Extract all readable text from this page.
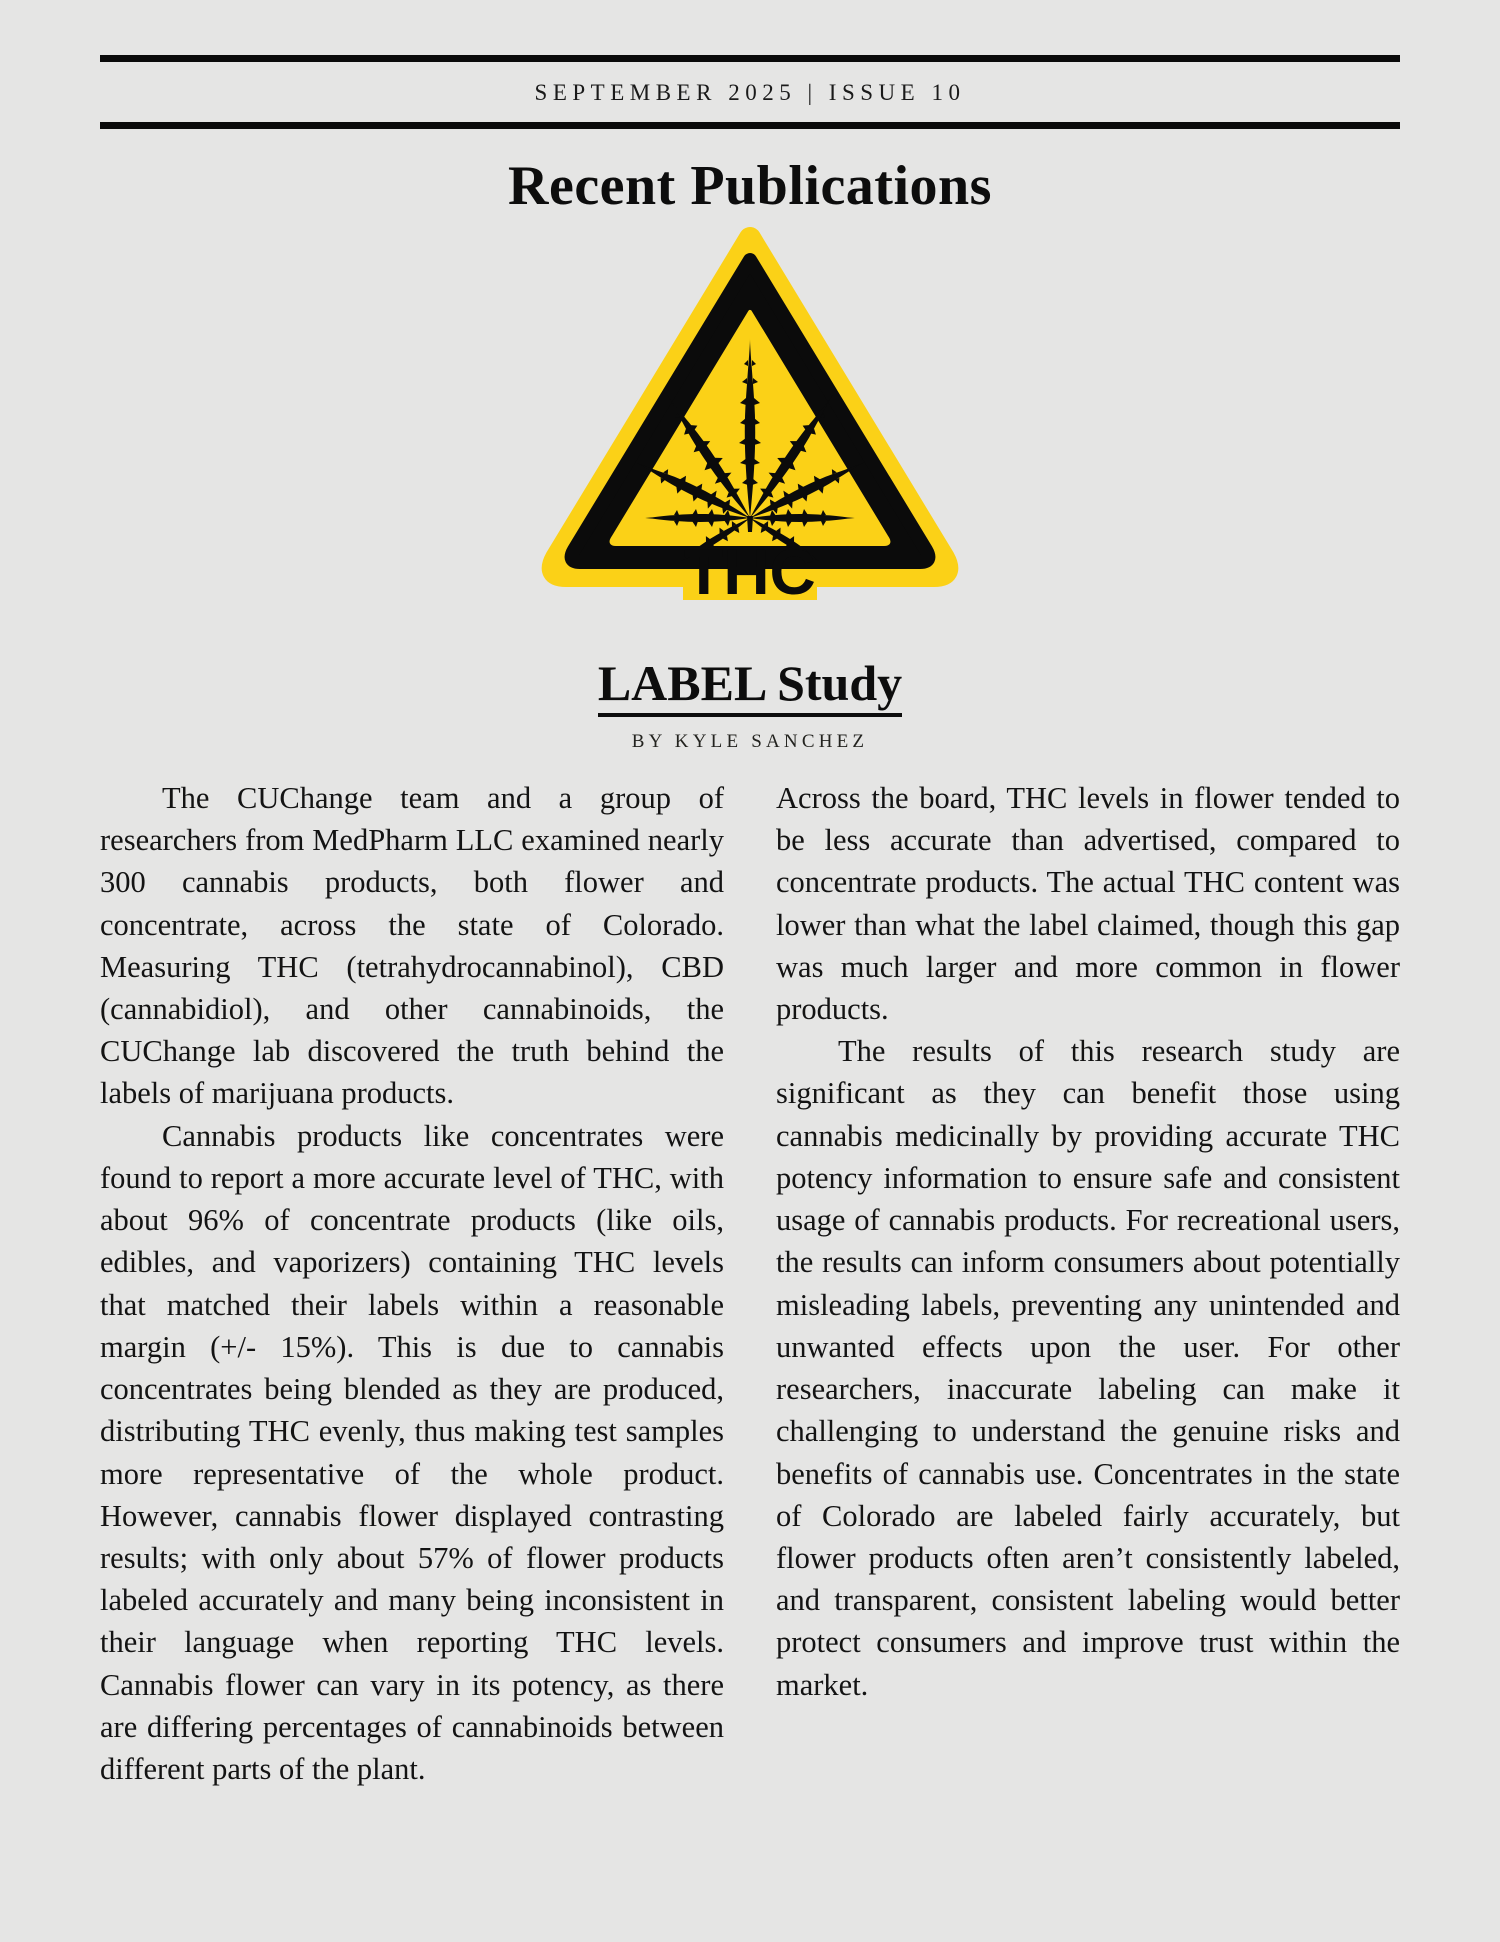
SEPTEMBER 2025 | ISSUE 10
Recent Publications
THC
LABEL Study
BY KYLE SANCHEZ

The CUChange team and a group of researchers from MedPharm LLC examined nearly 300 cannabis products, both flower and concentrate, across the state of Colorado. Measuring THC (tetrahydrocannabinol), CBD (cannabidiol), and other cannabinoids, the CUChange lab discovered the truth behind the labels of marijuana products.

Cannabis products like concentrates were found to report a more accurate level of THC, with about 96% of concentrate products (like oils, edibles, and vaporizers) containing THC levels that matched their labels within a reasonable margin (+/- 15%). This is due to cannabis concentrates being blended as they are produced, distributing THC evenly, thus making test samples more representative of the whole product. However, cannabis flower displayed contrasting results; with only about 57% of flower products labeled accurately and many being inconsistent in their language when reporting THC levels. Cannabis flower can vary in its potency, as there are differing percentages of cannabinoids between different parts of the plant.

Across the board, THC levels in flower tended to be less accurate than advertised, compared to concentrate products. The actual THC content was lower than what the label claimed, though this gap was much larger and more common in flower products.

The results of this research study are significant as they can benefit those using cannabis medicinally by providing accurate THC potency information to ensure safe and consistent usage of cannabis products. For recreational users, the results can inform consumers about potentially misleading labels, preventing any unintended and unwanted effects upon the user. For other researchers, inaccurate labeling can make it challenging to understand the genuine risks and benefits of cannabis use. Concentrates in the state of Colorado are labeled fairly accurately, but flower products often aren’t consistently labeled, and transparent, consistent labeling would better protect consumers and improve trust within the market.
